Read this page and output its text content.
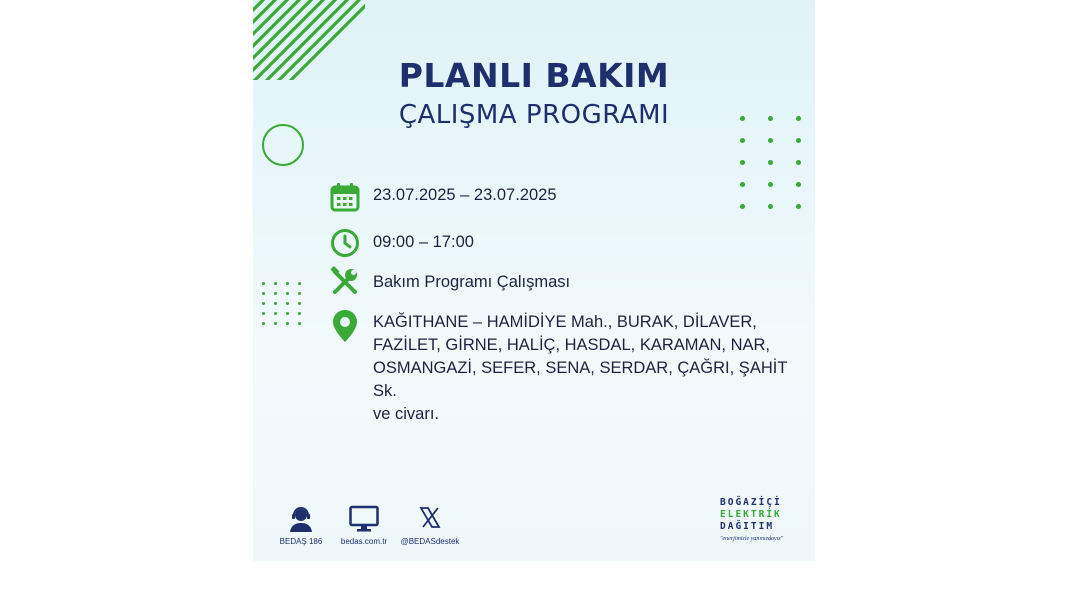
PLANLI BAKIM
ÇALIŞMA PROGRAMI
23.07.2025 – 23.07.2025
09:00 – 17:00
Bakım Programı Çalışması
KAĞITHANE – HAMİDİYE Mah., BURAK, DİLAVER,
FAZİLET, GİRNE, HALİÇ, HASDAL, KARAMAN, NAR,
OSMANGAZİ, SEFER, SENA, SERDAR, ÇAĞRI, ŞAHİT Sk.
ve civarı.
BEDAŞ 186	bedas.com.tr	@BEDASdestek
BOĞAZİÇİ
ELEKTRİK
DAĞITIM
"enerjimizle yanınızdayız"
